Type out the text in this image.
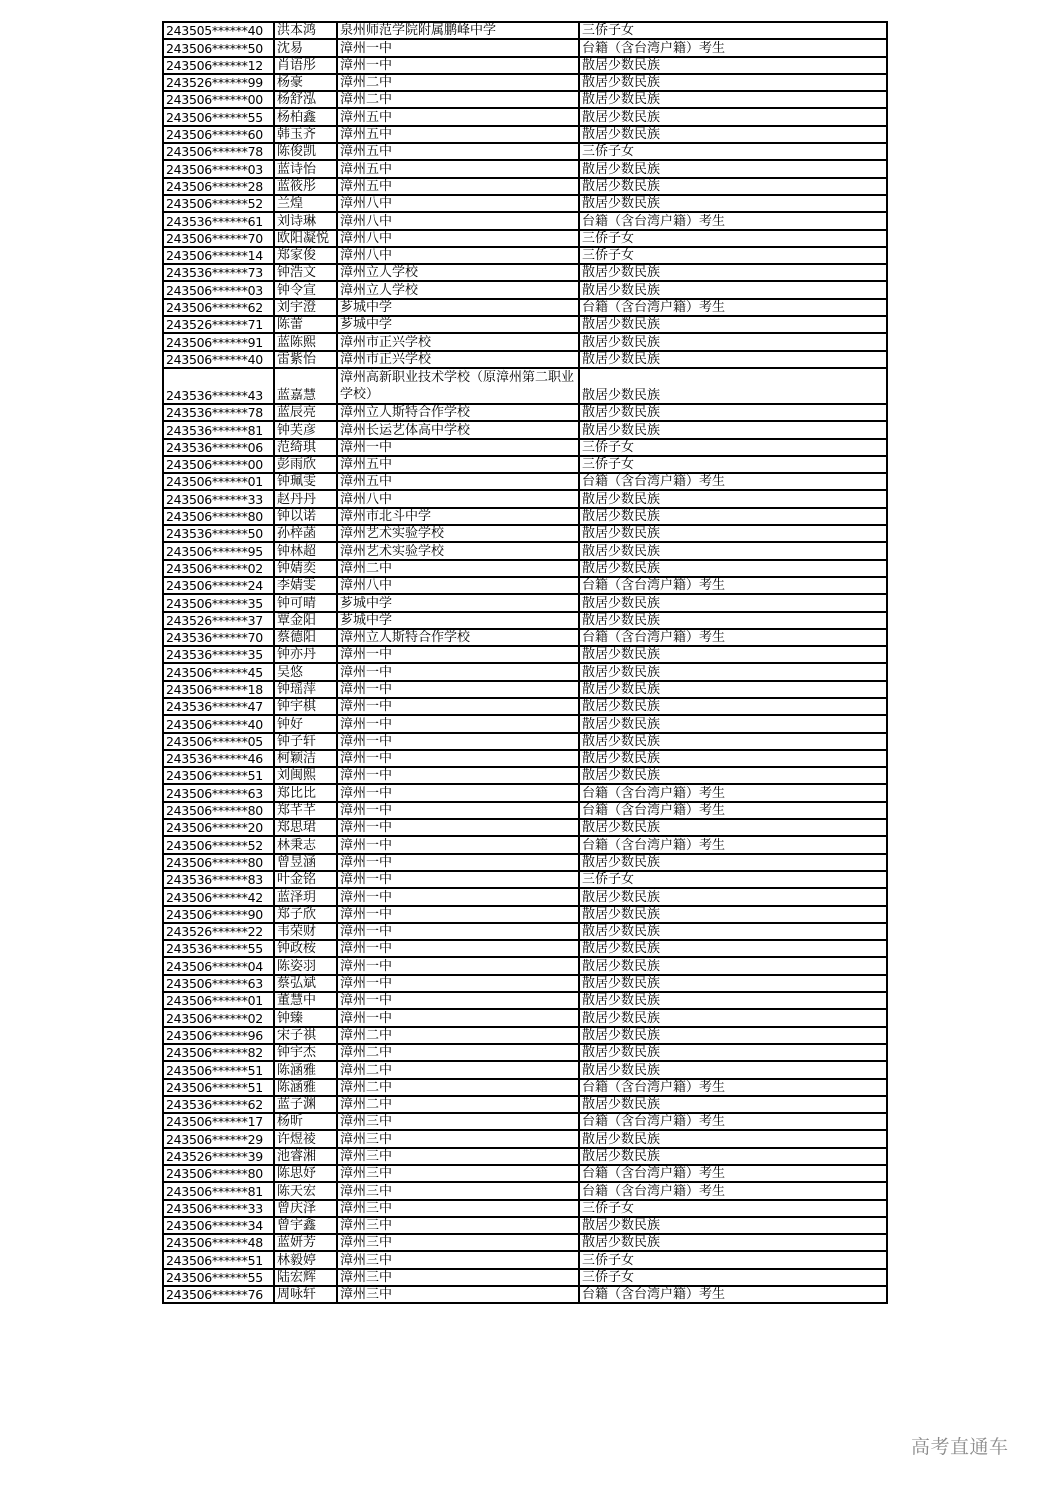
243505******40	洪本鸿	泉州师范学院附属鹏峰中学	三侨子女
243506******50	沈易	漳州一中	台籍（含台湾户籍）考生
243506******12	肖语彤	漳州一中	散居少数民族
243526******99	杨豪	漳州二中	散居少数民族
243506******00	杨舒泓	漳州二中	散居少数民族
243506******55	杨柏鑫	漳州五中	散居少数民族
243506******60	韩玉齐	漳州五中	散居少数民族
243506******78	陈俊凯	漳州五中	三侨子女
243506******03	蓝诗怡	漳州五中	散居少数民族
243506******28	蓝筱彤	漳州五中	散居少数民族
243506******52	兰煌	漳州八中	散居少数民族
243536******61	刘诗琳	漳州八中	台籍（含台湾户籍）考生
243506******70	欧阳凝悦	漳州八中	三侨子女
243506******14	郑家俊	漳州八中	三侨子女
243536******73	钟浩文	漳州立人学校	散居少数民族
243506******03	钟令宣	漳州立人学校	散居少数民族
243506******62	刘宇澄	芗城中学	台籍（含台湾户籍）考生
243526******71	陈蕾	芗城中学	散居少数民族
243506******91	蓝陈熙	漳州市正兴学校	散居少数民族
243506******40	雷紫怡	漳州市正兴学校	散居少数民族
243536******43	蓝嘉慧	漳州高新职业技术学校（原漳州第二职业学校）	散居少数民族
243536******78	蓝辰亮	漳州立人斯特合作学校	散居少数民族
243536******81	钟芙彦	漳州长运艺体高中学校	散居少数民族
243536******06	范绮琪	漳州一中	三侨子女
243506******00	彭雨欣	漳州五中	三侨子女
243506******01	钟珮雯	漳州五中	台籍（含台湾户籍）考生
243506******33	赵丹丹	漳州八中	散居少数民族
243506******80	钟以诺	漳州市北斗中学	散居少数民族
243536******50	孙梓菡	漳州艺术实验学校	散居少数民族
243506******95	钟林超	漳州艺术实验学校	散居少数民族
243506******02	钟婧奕	漳州二中	散居少数民族
243506******24	李婧雯	漳州八中	台籍（含台湾户籍）考生
243506******35	钟可晴	芗城中学	散居少数民族
243526******37	覃金阳	芗城中学	散居少数民族
243536******70	蔡德阳	漳州立人斯特合作学校	台籍（含台湾户籍）考生
243536******35	钟亦丹	漳州一中	散居少数民族
243506******45	吴悠	漳州一中	散居少数民族
243506******18	钟瑶萍	漳州一中	散居少数民族
243536******47	钟宇棋	漳州一中	散居少数民族
243506******40	钟好	漳州一中	散居少数民族
243506******05	钟子轩	漳州一中	散居少数民族
243536******46	柯颖洁	漳州一中	散居少数民族
243506******51	刘闽熙	漳州一中	散居少数民族
243506******63	郑比比	漳州一中	台籍（含台湾户籍）考生
243506******80	郑芊芊	漳州一中	台籍（含台湾户籍）考生
243506******20	郑思珺	漳州一中	散居少数民族
243506******52	林秉志	漳州一中	台籍（含台湾户籍）考生
243506******80	曾昱涵	漳州一中	散居少数民族
243536******83	叶金铭	漳州一中	三侨子女
243506******42	蓝泽玥	漳州一中	散居少数民族
243506******90	郑子欣	漳州一中	散居少数民族
243526******22	韦荣财	漳州一中	散居少数民族
243536******55	钟政桉	漳州一中	散居少数民族
243506******04	陈姿羽	漳州一中	散居少数民族
243506******63	蔡弘斌	漳州一中	散居少数民族
243506******01	董慧中	漳州一中	散居少数民族
243506******02	钟臻	漳州一中	散居少数民族
243506******96	宋子祺	漳州二中	散居少数民族
243506******82	钟宇杰	漳州二中	散居少数民族
243506******51	陈涵雅	漳州二中	散居少数民族
243506******51	陈涵雅	漳州二中	台籍（含台湾户籍）考生
243536******62	蓝子渊	漳州二中	散居少数民族
243506******17	杨昕	漳州三中	台籍（含台湾户籍）考生
243506******29	许煜祾	漳州三中	散居少数民族
243526******39	池睿湘	漳州三中	散居少数民族
243506******80	陈思妤	漳州三中	台籍（含台湾户籍）考生
243506******81	陈天宏	漳州三中	台籍（含台湾户籍）考生
243506******33	曾庆泽	漳州三中	三侨子女
243506******34	曾宇鑫	漳州三中	散居少数民族
243506******48	蓝妍芳	漳州三中	散居少数民族
243506******51	林毅婷	漳州三中	三侨子女
243506******55	陆宏辉	漳州三中	三侨子女
243506******76	周咏轩	漳州三中	台籍（含台湾户籍）考生
高考直通车
